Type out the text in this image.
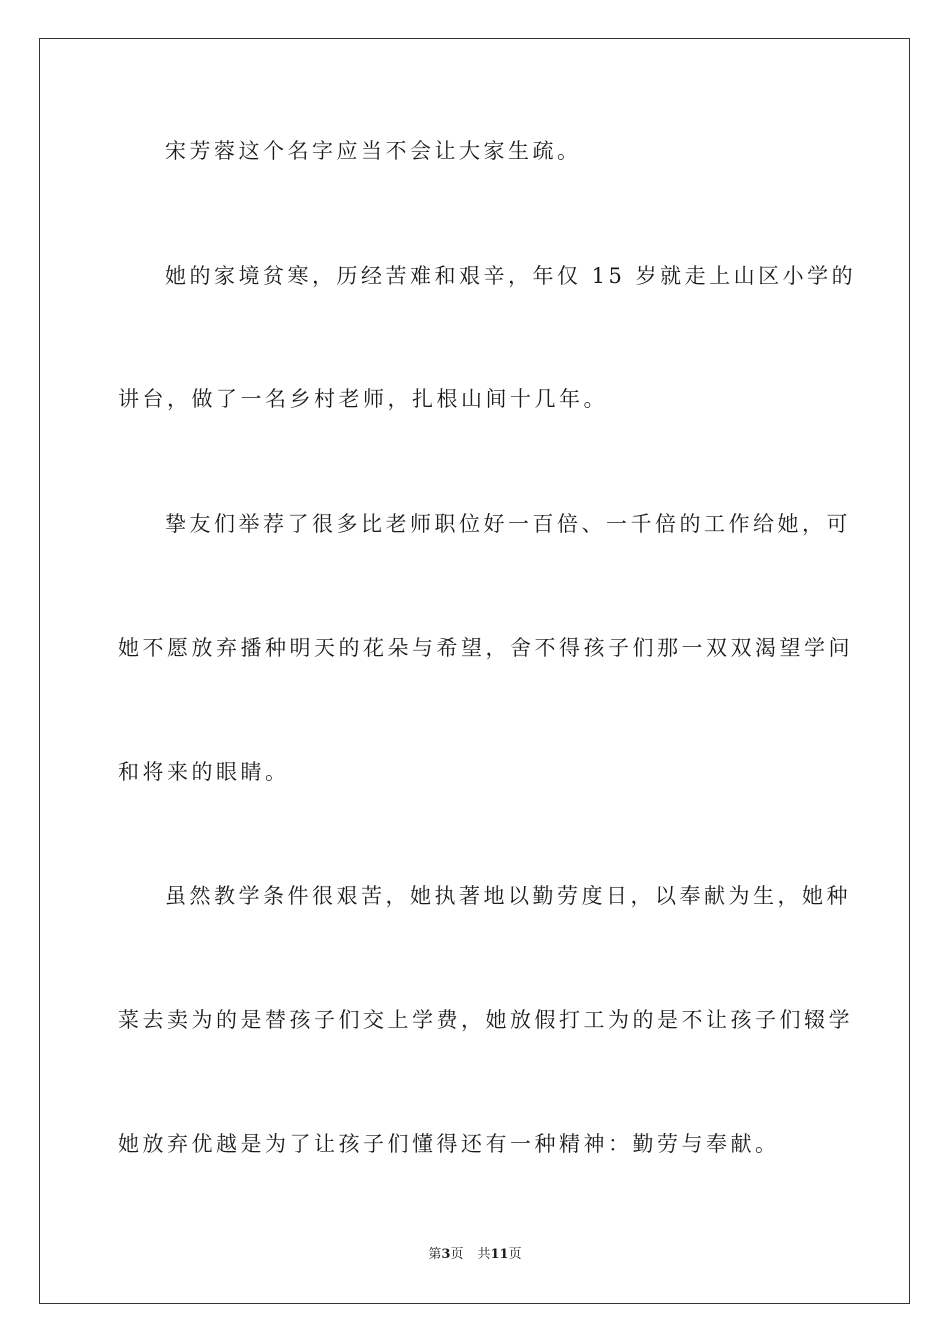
宋芳蓉这个名字应当不会让大家生疏。
她的家境贫寒，历经苦难和艰辛，年仅 15 岁就走上山区小学的
讲台，做了一名乡村老师，扎根山间十几年。
挚友们举荐了很多比老师职位好一百倍、一千倍的工作给她，可
她不愿放弃播种明天的花朵与希望，舍不得孩子们那一双双渴望学问
和将来的眼睛。
虽然教学条件很艰苦，她执著地以勤劳度日，以奉献为生，她种
菜去卖为的是替孩子们交上学费，她放假打工为的是不让孩子们辍学
她放弃优越是为了让孩子们懂得还有一种精神：勤劳与奉献。
第3页 共11页
